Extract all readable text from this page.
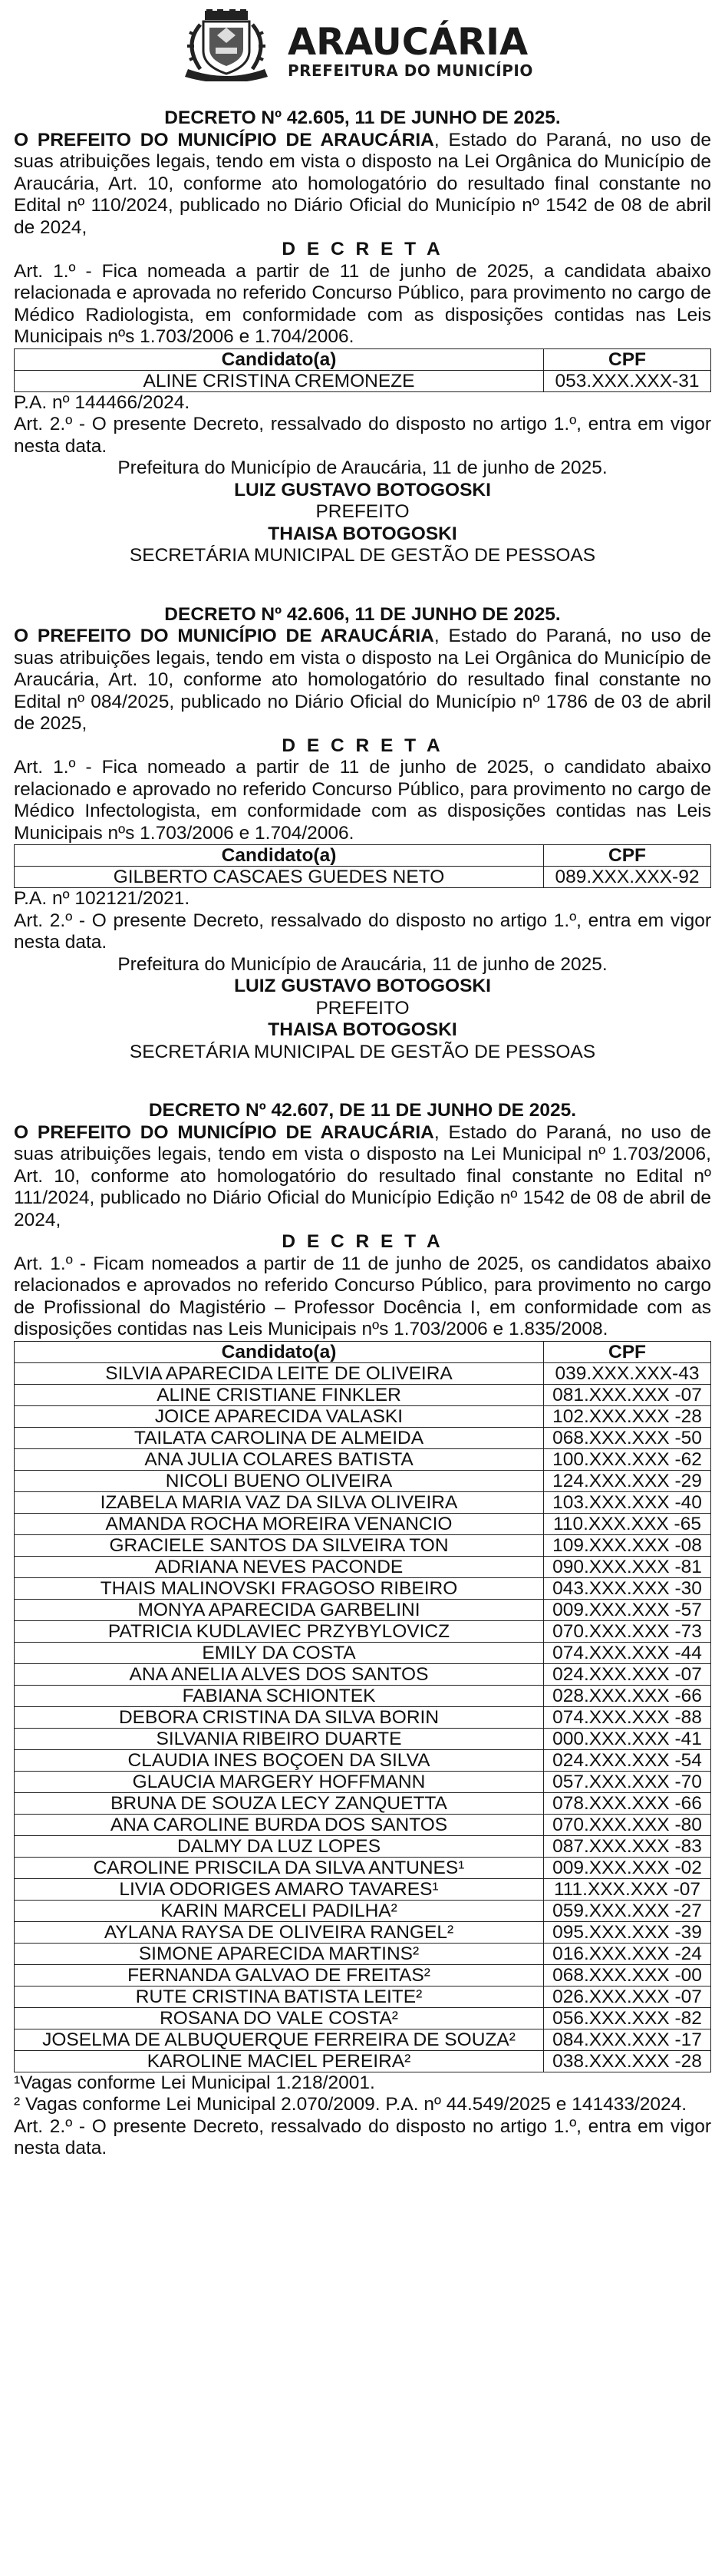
ARAUCÁRIA
PREFEITURA DO MUNICÍPIO
DECRETO Nº 42.605, 11 DE JUNHO DE 2025.

O PREFEITO DO MUNICÍPIO DE ARAUCÁRIA, Estado do Paraná, no uso de suas atribuições legais, tendo em vista o disposto na Lei Orgânica do Município de Araucária, Art. 10, conforme ato homologatório do resultado final constante no Edital nº 110/2024, publicado no Diário Oficial do Município nº 1542 de 08 de abril de 2024,

D E C R E T A

Art. 1.º - Fica nomeada a partir de 11 de junho de 2025, a candidata abaixo relacionada e aprovada no referido Concurso Público, para provimento no cargo de Médico Radiologista, em conformidade com as disposições contidas nas Leis Municipais nºs 1.703/2006 e 1.704/2006.

Candidato(a)	CPF
ALINE CRISTINA CREMONEZE	053.XXX.XXX-31

P.A. nº 144466/2024.

Art. 2.º - O presente Decreto, ressalvado do disposto no artigo 1.º, entra em vigor nesta data.

Prefeitura do Município de Araucária, 11 de junho de 2025.

LUIZ GUSTAVO BOTOGOSKI

PREFEITO

THAISA BOTOGOSKI

SECRETÁRIA MUNICIPAL DE GESTÃO DE PESSOAS

DECRETO Nº 42.606, 11 DE JUNHO DE 2025.

O PREFEITO DO MUNICÍPIO DE ARAUCÁRIA, Estado do Paraná, no uso de suas atribuições legais, tendo em vista o disposto na Lei Orgânica do Município de Araucária, Art. 10, conforme ato homologatório do resultado final constante no Edital nº 084/2025, publicado no Diário Oficial do Município nº 1786 de 03 de abril de 2025,

D E C R E T A

Art. 1.º - Fica nomeado a partir de 11 de junho de 2025, o candidato abaixo relacionado e aprovado no referido Concurso Público, para provimento no cargo de Médico Infectologista, em conformidade com as disposições contidas nas Leis Municipais nºs 1.703/2006 e 1.704/2006.

Candidato(a)	CPF
GILBERTO CASCAES GUEDES NETO	089.XXX.XXX-92

P.A. nº 102121/2021.

Art. 2.º - O presente Decreto, ressalvado do disposto no artigo 1.º, entra em vigor nesta data.

Prefeitura do Município de Araucária, 11 de junho de 2025.

LUIZ GUSTAVO BOTOGOSKI

PREFEITO

THAISA BOTOGOSKI

SECRETÁRIA MUNICIPAL DE GESTÃO DE PESSOAS

DECRETO Nº 42.607, DE 11 DE JUNHO DE 2025.

O PREFEITO DO MUNICÍPIO DE ARAUCÁRIA, Estado do Paraná, no uso de suas atribuições legais, tendo em vista o disposto na Lei Municipal nº 1.703/2006, Art. 10, conforme ato homologatório do resultado final constante no Edital nº 111/2024, publicado no Diário Oficial do Município Edição nº 1542 de 08 de abril de 2024,

D E C R E T A

Art. 1.º - Ficam nomeados a partir de 11 de junho de 2025, os candidatos abaixo relacionados e aprovados no referido Concurso Público, para provimento no cargo de Profissional do Magistério – Professor Docência I, em conformidade com as disposições contidas nas Leis Municipais nºs 1.703/2006 e 1.835/2008.

Candidato(a)	CPF
SILVIA APARECIDA LEITE DE OLIVEIRA	039.XXX.XXX-43
ALINE CRISTIANE FINKLER	081.XXX.XXX -07
JOICE APARECIDA VALASKI	102.XXX.XXX -28
TAILATA CAROLINA DE ALMEIDA	068.XXX.XXX -50
ANA JULIA COLARES BATISTA	100.XXX.XXX -62
NICOLI BUENO OLIVEIRA	124.XXX.XXX -29
IZABELA MARIA VAZ DA SILVA OLIVEIRA	103.XXX.XXX -40
AMANDA ROCHA MOREIRA VENANCIO	110.XXX.XXX -65
GRACIELE SANTOS DA SILVEIRA TON	109.XXX.XXX -08
ADRIANA NEVES PACONDE	090.XXX.XXX -81
THAIS MALINOVSKI FRAGOSO RIBEIRO	043.XXX.XXX -30
MONYA APARECIDA GARBELINI	009.XXX.XXX -57
PATRICIA KUDLAVIEC PRZYBYLOVICZ	070.XXX.XXX -73
EMILY DA COSTA	074.XXX.XXX -44
ANA ANELIA ALVES DOS SANTOS	024.XXX.XXX -07
FABIANA SCHIONTEK	028.XXX.XXX -66
DEBORA CRISTINA DA SILVA BORIN	074.XXX.XXX -88
SILVANIA RIBEIRO DUARTE	000.XXX.XXX -41
CLAUDIA INES BOÇOEN DA SILVA	024.XXX.XXX -54
GLAUCIA MARGERY HOFFMANN	057.XXX.XXX -70
BRUNA DE SOUZA LECY ZANQUETTA	078.XXX.XXX -66
ANA CAROLINE BURDA DOS SANTOS	070.XXX.XXX -80
DALMY DA LUZ LOPES	087.XXX.XXX -83
CAROLINE PRISCILA DA SILVA ANTUNES¹	009.XXX.XXX -02
LIVIA ODORIGES AMARO TAVARES¹	111.XXX.XXX -07
KARIN MARCELI PADILHA²	059.XXX.XXX -27
AYLANA RAYSA DE OLIVEIRA RANGEL²	095.XXX.XXX -39
SIMONE APARECIDA MARTINS²	016.XXX.XXX -24
FERNANDA GALVAO DE FREITAS²	068.XXX.XXX -00
RUTE CRISTINA BATISTA LEITE²	026.XXX.XXX -07
ROSANA DO VALE COSTA²	056.XXX.XXX -82
JOSELMA DE ALBUQUERQUE FERREIRA DE SOUZA²	084.XXX.XXX -17
KAROLINE MACIEL PEREIRA²	038.XXX.XXX -28

¹Vagas conforme Lei Municipal 1.218/2001.

² Vagas conforme Lei Municipal 2.070/2009. P.A. nº 44.549/2025 e 141433/2024.

Art. 2.º - O presente Decreto, ressalvado do disposto no artigo 1.º, entra em vigor nesta data.
